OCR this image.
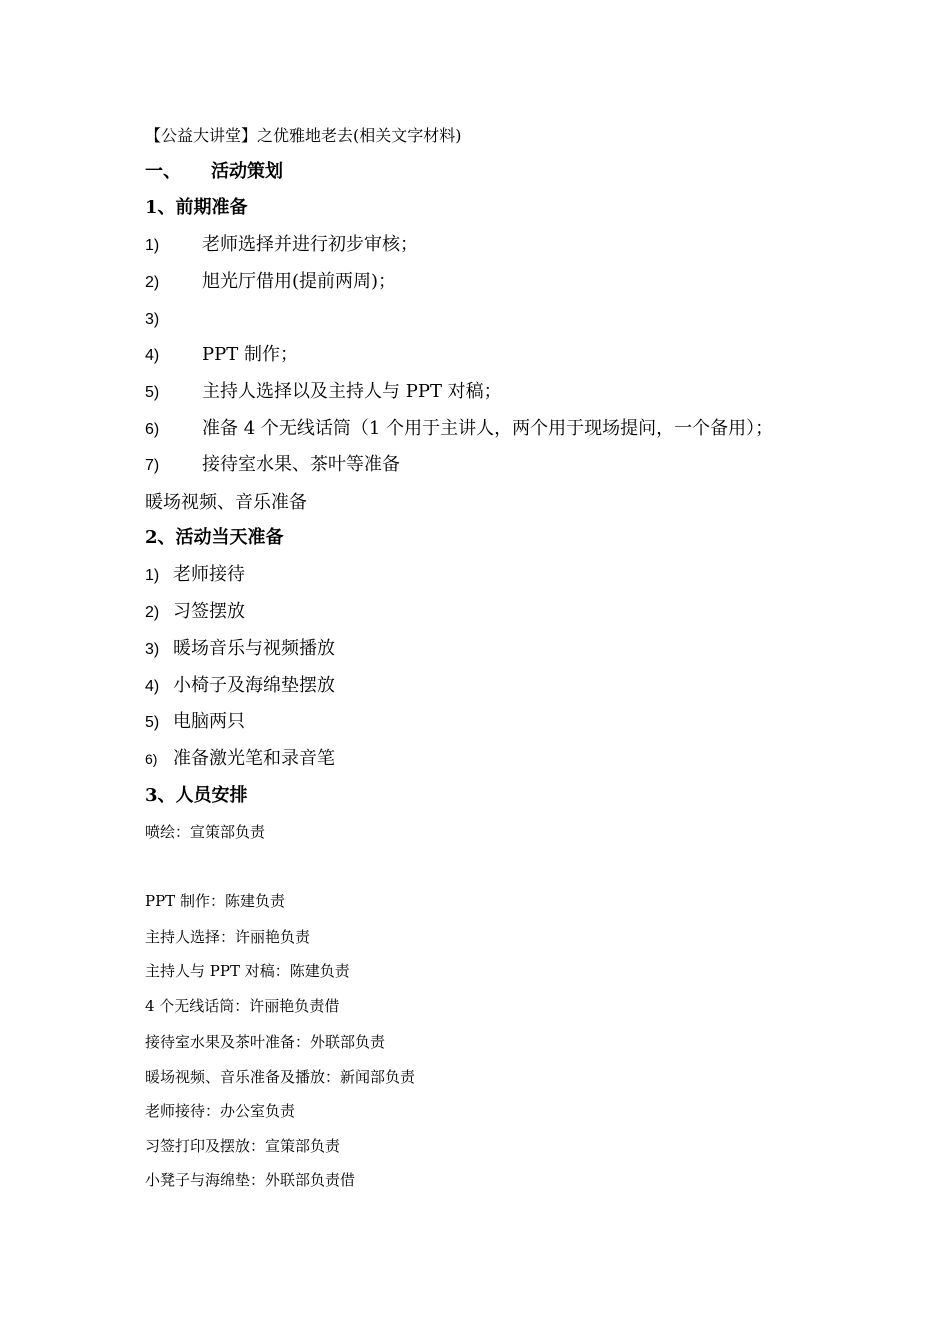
【公益大讲堂】之优雅地老去(相关文字材料)
一、 活动策划
1、前期准备
1) 老师选择并进行初步审核；
2) 旭光厅借用(提前两周)；
3)
4) PPT 制作；
5) 主持人选择以及主持人与 PPT 对稿；
6) 准备 4 个无线话筒（1 个用于主讲人，两个用于现场提问，一个备用）；
7) 接待室水果、茶叶等准备
暖场视频、音乐准备
2、活动当天准备
1) 老师接待
2) 习签摆放
3) 暖场音乐与视频播放
4) 小椅子及海绵垫摆放
5) 电脑两只
6) 准备激光笔和录音笔
3、人员安排
喷绘：宣策部负责
PPT 制作：陈建负责
主持人选择：许丽艳负责
主持人与 PPT 对稿：陈建负责
4 个无线话筒：许丽艳负责借
接待室水果及茶叶准备：外联部负责
暖场视频、音乐准备及播放：新闻部负责
老师接待：办公室负责
习签打印及摆放：宣策部负责
小凳子与海绵垫：外联部负责借
